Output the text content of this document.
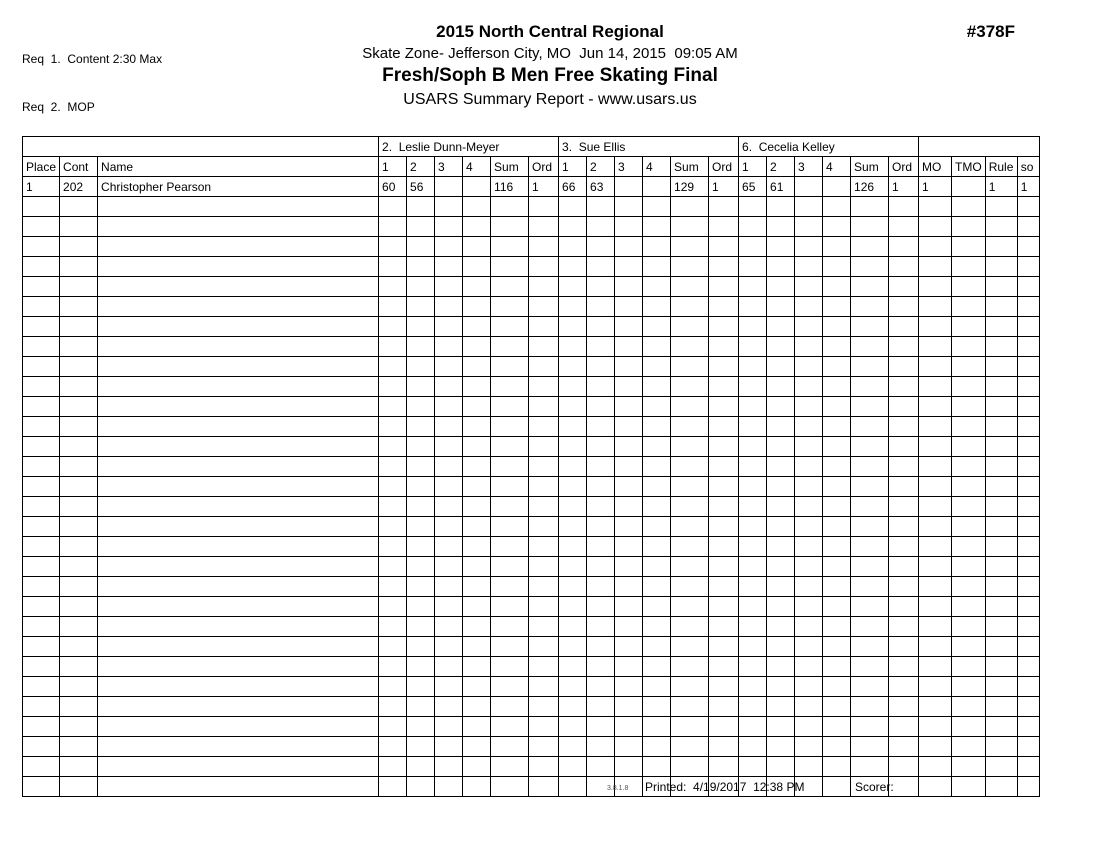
Req  1.  Content 2:30 Max

Req  2.  MOP

2015 North Central Regional
Skate Zone- Jefferson City, MO  Jun 14, 2015  09:05 AM
Fresh/Soph B Men Free Skating Final
USARS Summary Report - www.usars.us
#378F
			2.  Leslie Dunn-Meyer						3.  Sue Ellis						6.  Cecelia Kelley									
Place	Cont	Name	1	2	3	4	Sum	Ord	1	2	3	4	Sum	Ord	1	2	3	4	Sum	Ord	MO	TMO	Rule	so
1	202	Christopher Pearson	60	56			116	1	66	63			129	1	65	61			126	1	1		1	1

3.8.1.8 Printed:  4/19/2017  12:38 PM	Scorer:
